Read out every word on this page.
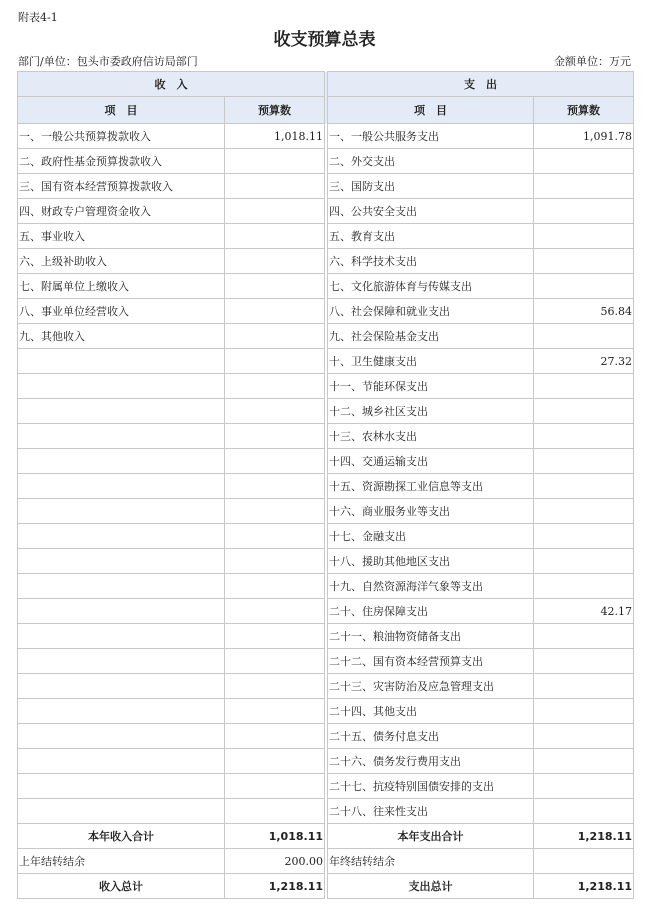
附表4-1
收支预算总表
部门/单位：包头市委政府信访局部门	金额单位：万元
收　入			支　出	
项　目	预算数		项　目	预算数
一、一般公共预算拨款收入	1,018.11		一、一般公共服务支出	1,091.78
二、政府性基金预算拨款收入			二、外交支出	
三、国有资本经营预算拨款收入			三、国防支出	
四、财政专户管理资金收入			四、公共安全支出	
五、事业收入			五、教育支出	
六、上级补助收入			六、科学技术支出	
七、附属单位上缴收入			七、文化旅游体育与传媒支出	
八、事业单位经营收入			八、社会保障和就业支出	56.84
九、其他收入			九、社会保险基金支出	
			十、卫生健康支出	27.32
			十一、节能环保支出	
			十二、城乡社区支出	
			十三、农林水支出	
			十四、交通运输支出	
			十五、资源勘探工业信息等支出	
			十六、商业服务业等支出	
			十七、金融支出	
			十八、援助其他地区支出	
			十九、自然资源海洋气象等支出	
			二十、住房保障支出	42.17
			二十一、粮油物资储备支出	
			二十二、国有资本经营预算支出	
			二十三、灾害防治及应急管理支出	
			二十四、其他支出	
			二十五、债务付息支出	
			二十六、债务发行费用支出	
			二十七、抗疫特别国债安排的支出	
			二十八、往来性支出	
本年收入合计	1,018.11		本年支出合计	1,218.11
上年结转结余	200.00		年终结转结余	
收入总计	1,218.11		支出总计	1,218.11
